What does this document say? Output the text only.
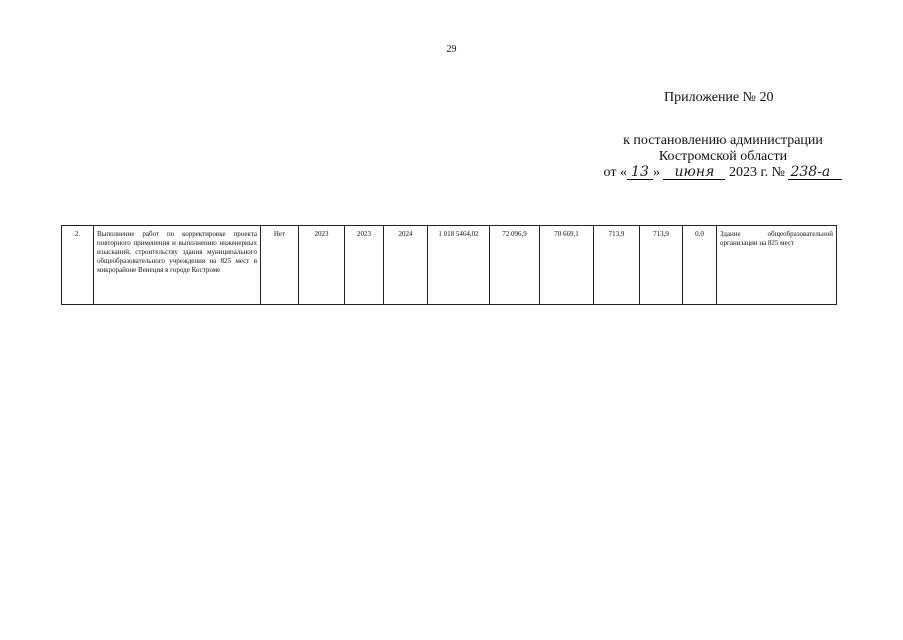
29
Приложение № 20
к постановлению администрации
Костромской области
от « 13 » июня 2023 г. № 238-а
2.	Выполнение работ по корректировке проекта повторного применения и выполнению инженерных изысканий, строительству здания муниципального общеобразовательного учреждения на 825 мест в микрорайоне Венеция в городе Костроме	Нет	2023	2023	2024	1 018 5464,02	72 096,9	70 669,1	713,9	713,9	0,0	Здание общеобразовательной организации на 825 мест
